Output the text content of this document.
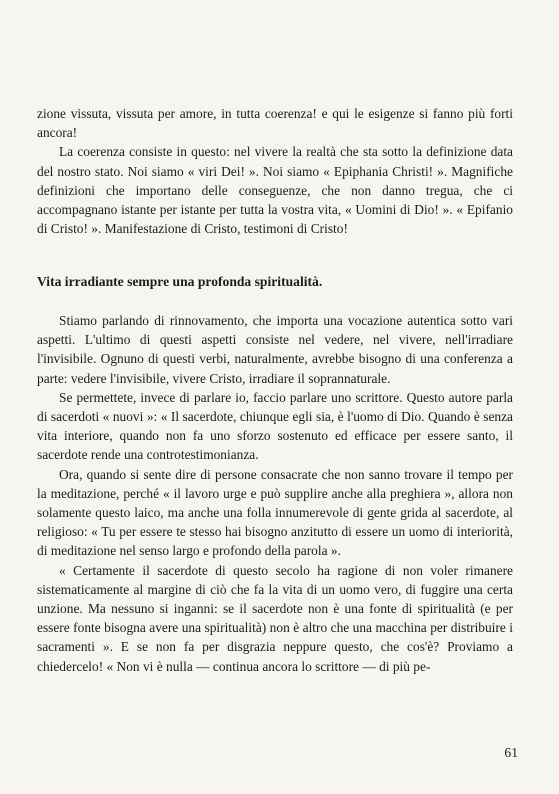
zione vissuta, vissuta per amore, in tutta coerenza! e qui le esigenze si fanno più forti ancora!

La coerenza consiste in questo: nel vivere la realtà che sta sotto la definizione data del nostro stato. Noi siamo « viri Dei! ». Noi siamo « Epiphania Christi! ». Magnifiche definizioni che importano delle conseguenze, che non danno tregua, che ci accompagnano istante per istante per tutta la vostra vita, « Uomini di Dio! ». « Epifanio di Cristo! ». Manifestazione di Cristo, testimoni di Cristo!

Vita irradiante sempre una profonda spiritualità.

Stiamo parlando di rinnovamento, che importa una vocazione autentica sotto vari aspetti. L'ultimo di questi aspetti consiste nel vedere, nel vivere, nell'irradiare l'invisibile. Ognuno di questi verbi, naturalmente, avrebbe bisogno di una conferenza a parte: vedere l'invisibile, vivere Cristo, irradiare il soprannaturale.

Se permettete, invece di parlare io, faccio parlare uno scrittore. Questo autore parla di sacerdoti « nuovi »: « Il sacerdote, chiunque egli sia, è l'uomo di Dio. Quando è senza vita interiore, quando non fa uno sforzo sostenuto ed efficace per essere santo, il sacerdote rende una controtestimonianza.

Ora, quando si sente dire di persone consacrate che non sanno trovare il tempo per la meditazione, perché « il lavoro urge e può supplire anche alla preghiera », allora non solamente questo laico, ma anche una folla innumerevole di gente grida al sacerdote, al religioso: « Tu per essere te stesso hai bisogno anzitutto di essere un uomo di interiorità, di meditazione nel senso largo e profondo della parola ».

« Certamente il sacerdote di questo secolo ha ragione di non voler rimanere sistematicamente al margine di ciò che fa la vita di un uomo vero, di fuggire una certa unzione. Ma nessuno si inganni: se il sacerdote non è una fonte di spiritualità (e per essere fonte bisogna avere una spiritualità) non è altro che una macchina per distribuire i sacramenti ». E se non fa per disgrazia neppure questo, che cos'è? Proviamo a chiedercelo! « Non vi è nulla — continua ancora lo scrittore — di più pe-

61
